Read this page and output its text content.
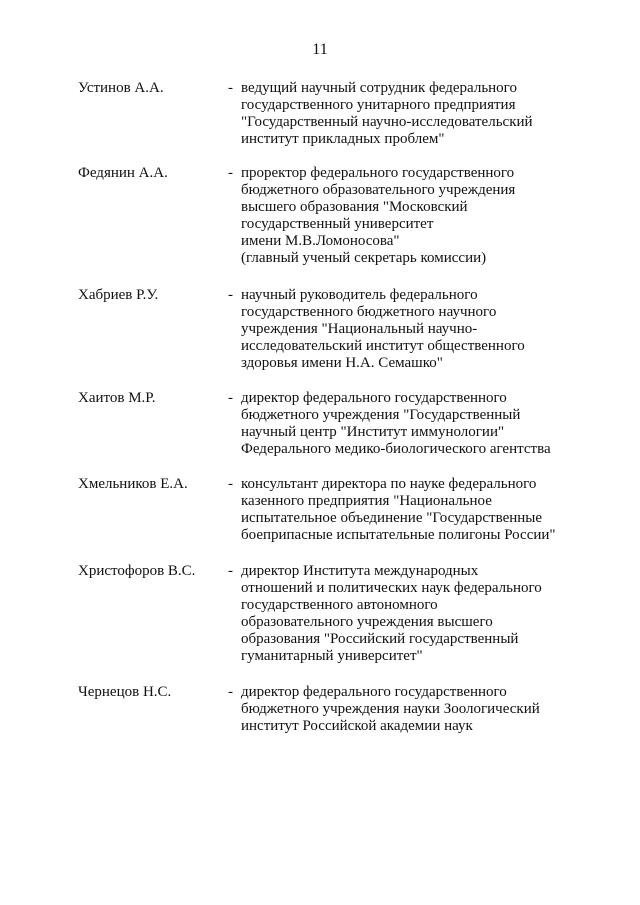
11
Устинов А.А.	- ведущий научный сотрудник федерального
государственного унитарного предприятия
"Государственный научно-исследовательский
институт прикладных проблем"
Федянин А.А.	- проректор федерального государственного
бюджетного образовательного учреждения
высшего образования "Московский
государственный университет
имени М.В.Ломоносова"
(главный ученый секретарь комиссии)
Хабриев Р.У.	- научный руководитель федерального
государственного бюджетного научного
учреждения "Национальный научно-
исследовательский институт общественного
здоровья имени Н.А. Семашко"
Хаитов М.Р.	- директор федерального государственного
бюджетного учреждения "Государственный
научный центр "Институт иммунологии"
Федерального медико-биологического агентства
Хмельников Е.А.	- консультант директора по науке федерального
казенного предприятия "Национальное
испытательное объединение "Государственные
боеприпасные испытательные полигоны России"
Христофоров В.С. - директор Института международных
отношений и политических наук федерального
государственного автономного
образовательного учреждения высшего
образования "Российский государственный
гуманитарный университет"
Чернецов Н.С.	- директор федерального государственного
бюджетного учреждения науки Зоологический
институт Российской академии наук
